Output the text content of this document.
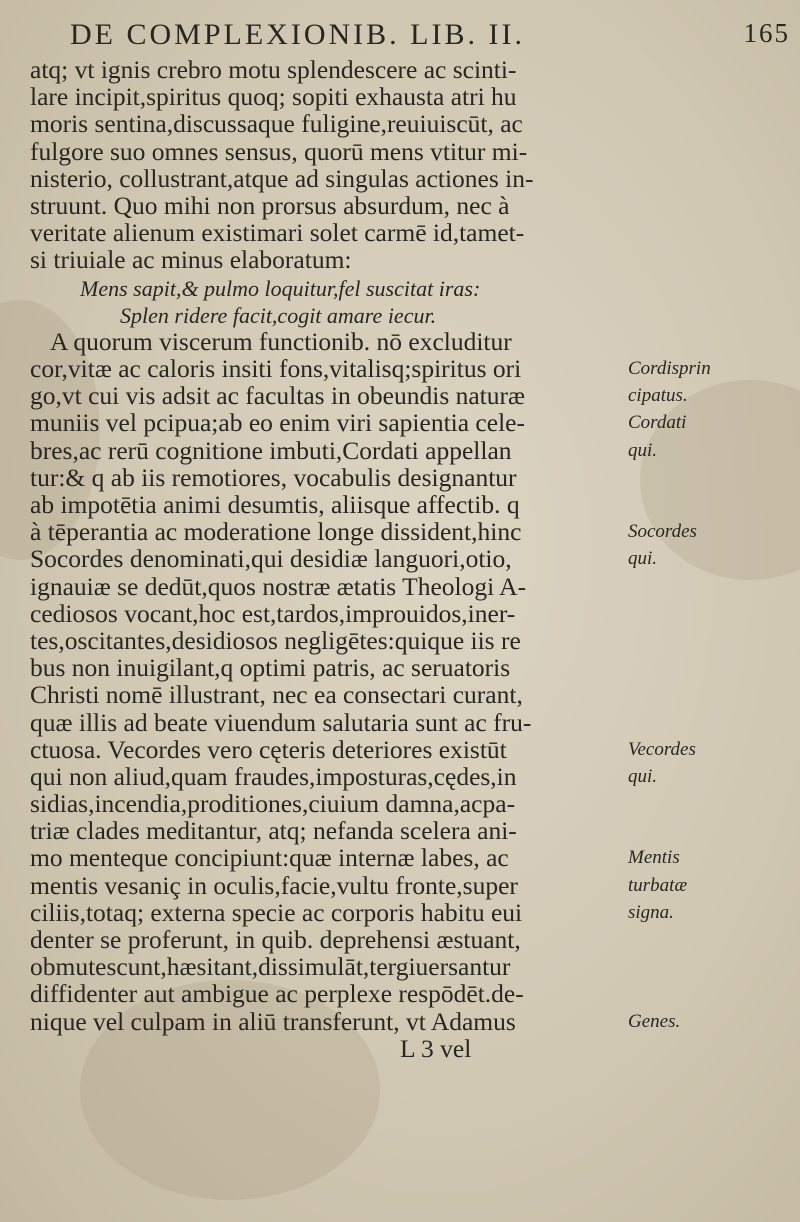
DE COMPLEXIONIB. LIB. II.	165
atq; vt ignis crebro motu splendescere ac scinti-
lare incipit,spiritus quoq; sopiti exhausta atri hu
moris sentina,discussaque fuligine,reuiuiscūt, ac
fulgore suo omnes sensus, quorū mens vtitur mi-
nisterio, collustrant,atque ad singulas actiones in-
struunt. Quo mihi non prorsus absurdum, nec à
veritate alienum existimari solet carmē id,tamet-
si triuiale ac minus elaboratum:
Mens sapit,& pulmo loquitur,fel suscitat iras:
Splen ridere facit,cogit amare iecur.
A quorum viscerum functionib. nō excluditur
cor,vitæ ac caloris insiti fons,vitalisq;spiritus ori	Cordisprin
go,vt cui vis adsit ac facultas in obeundis naturæ	cipatus.
muniis vel pcipua;ab eo enim viri sapientia cele-	Cordati
bres,ac rerū cognitione imbuti,Cordati appellan	qui.
tur:& q ab iis remotiores, vocabulis designantur
ab impotētia animi desumtis, aliisque affectib. q
à tēperantia ac moderatione longe dissident,hinc	Socordes
Socordes denominati,qui desidiæ languori,otio,	qui.
ignauiæ se dedūt,quos nostræ ætatis Theologi A-
cediosos vocant,hoc est,tardos,improuidos,iner-
tes,oscitantes,desidiosos negligētes:quique iis re
bus non inuigilant,q optimi patris, ac seruatoris
Christi nomē illustrant, nec ea consectari curant,
quæ illis ad beate viuendum salutaria sunt ac fru-
ctuosa. Vecordes vero cęteris deteriores existūt	Vecordes
qui non aliud,quam fraudes,imposturas,cędes,in	qui.
sidias,incendia,proditiones,ciuium damna,acpa-
triæ clades meditantur, atq; nefanda scelera ani-
mo menteque concipiunt:quæ internæ labes, ac	Mentis
mentis vesaniç in oculis,facie,vultu fronte,super	turbatæ
ciliis,totaq; externa specie ac corporis habitu eui	signa.
denter se proferunt, in quib. deprehensi æstuant,
obmutescunt,hæsitant,dissimulāt,tergiuersantur
diffidenter aut ambigue ac perplexe respōdēt.de-
nique vel culpam in aliū transferunt, vt Adamus	Genes.
L 3 vel
